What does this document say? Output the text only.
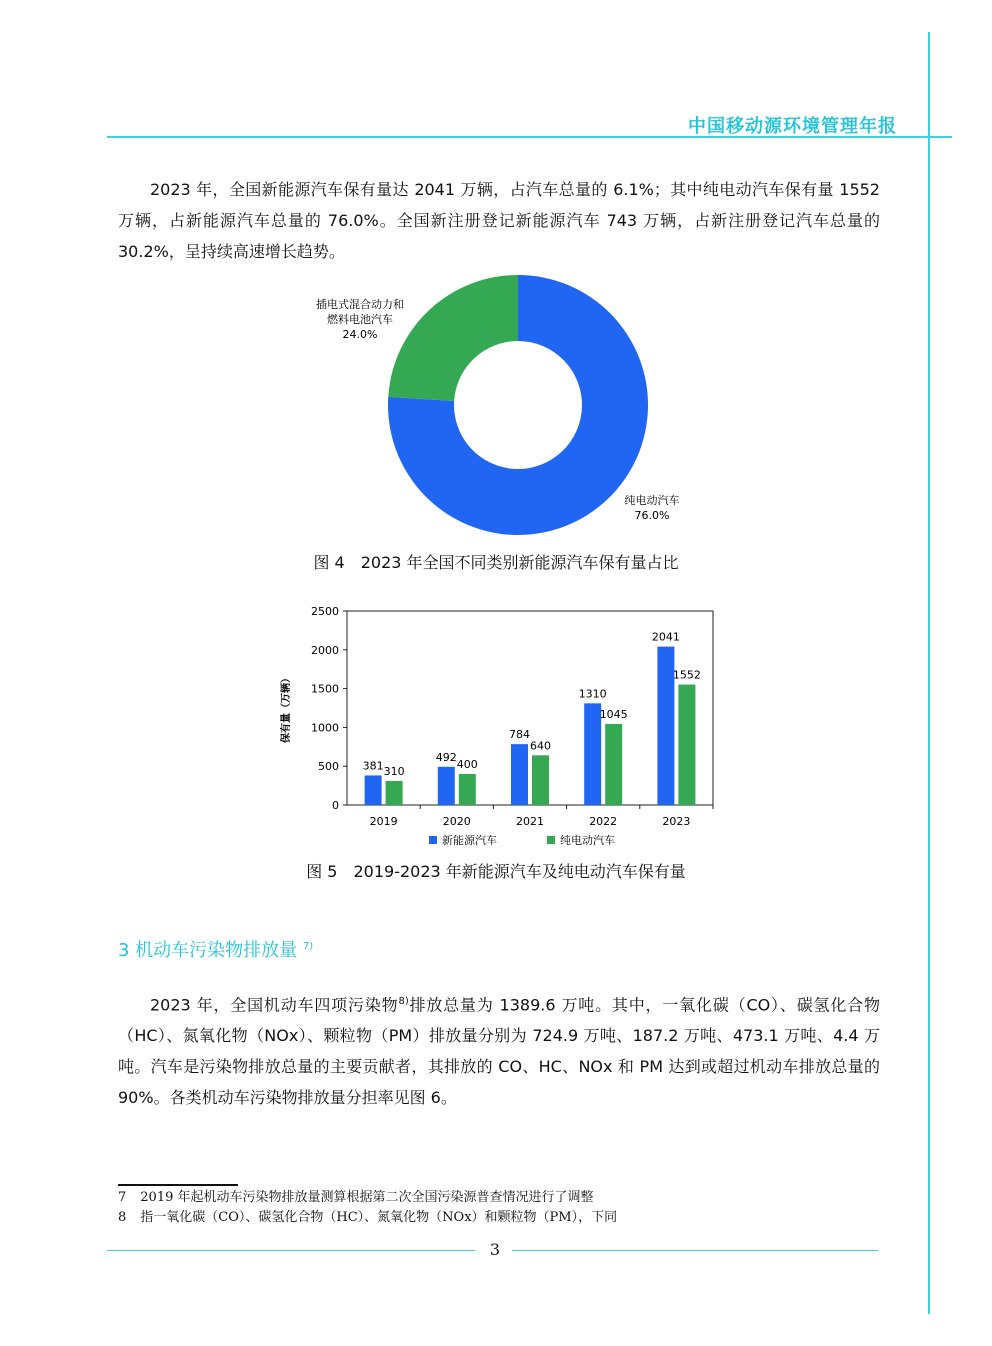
中国移动源环境管理年报

2023 年，全国新能源汽车保有量达 2041 万辆，占汽车总量的 6.1%；其中纯电动汽车保有量 1552 万辆，占新能源汽车总量的 76.0%。全国新注册登记新能源汽车 743 万辆，占新注册登记汽车总量的 30.2%，呈持续高速增长趋势。

插电式混合动力和
燃料电池汽车
24.0%
纯电动汽车
76.0%
图 4　2023 年全国不同类别新能源汽车保有量占比
保有量（万辆）
0
500
1000
1500
2000
2500
2019
381 310
2020
492
400
2021
784
640
2022
1310
1045
2023
2041
1552
新能源汽车	纯电动汽车
图 5　2019-2023 年新能源汽车及纯电动汽车保有量
3 机动车污染物排放量 $^{7)}$

2023 年，全国机动车四项污染物$^{8)}$排放总量为 1389.6 万吨。其中，一氧化碳（CO）、碳氢化合物（HC）、氮氧化物（NOx）、颗粒物（PM）排放量分别为 724.9 万吨、187.2 万吨、473.1 万吨、4.4 万吨。汽车是污染物排放总量的主要贡献者，其排放的 CO、HC、NOx 和 PM 达到或超过机动车排放总量的 90%。各类机动车污染物排放量分担率见图 6。

7 2019 年起机动车污染物排放量测算根据第二次全国污染源普查情况进行了调整
8 指一氧化碳（CO）、碳氢化合物（HC）、氮氧化物（NOx）和颗粒物（PM），下同
3
